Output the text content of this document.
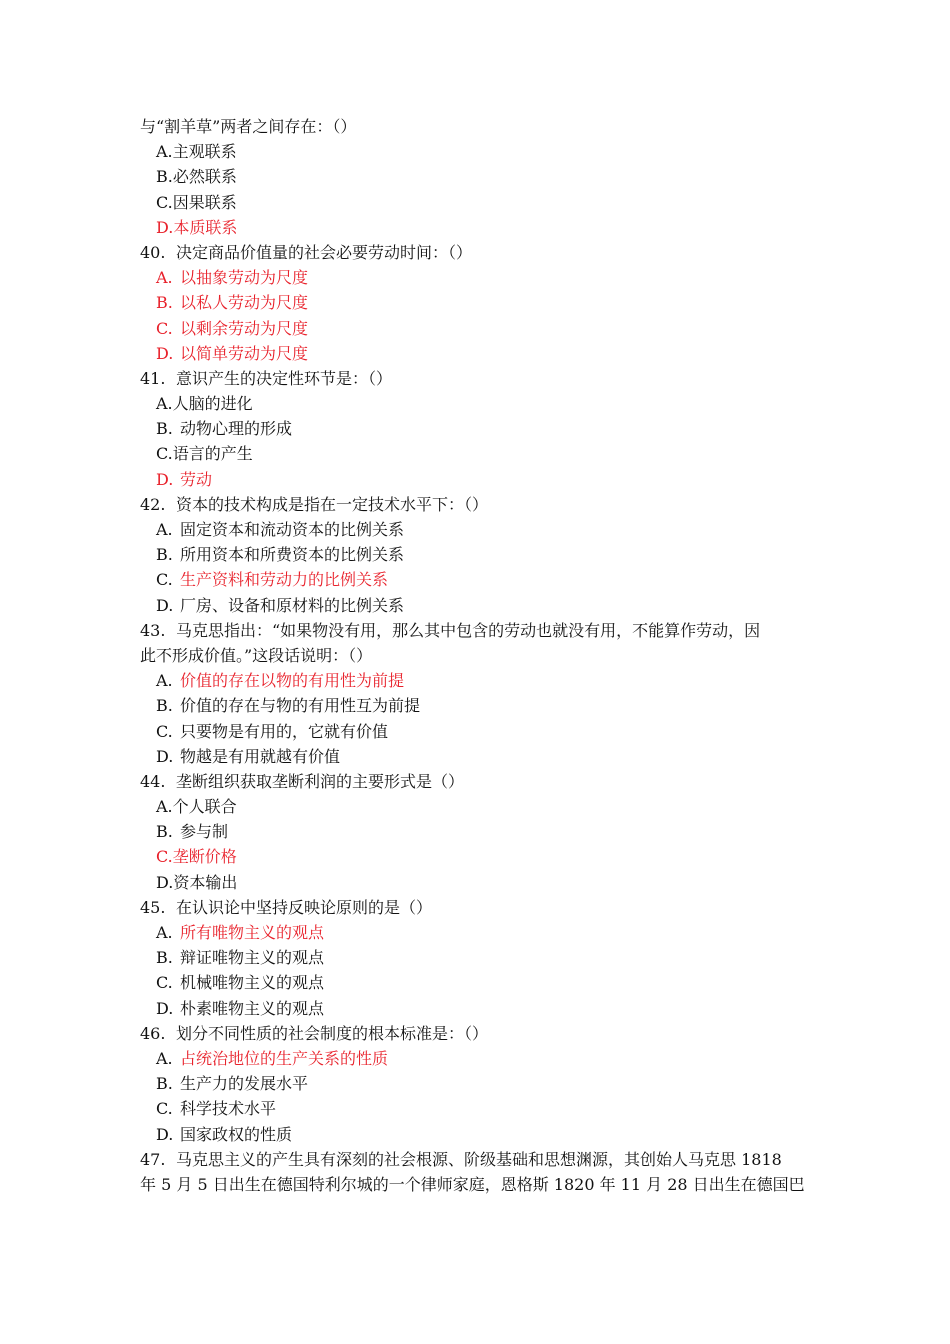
与“割羊草”两者之间存在：（）
A.主观联系
B.必然联系
C.因果联系
D.本质联系
40. 决定商品价值量的社会必要劳动时间：（）
A. 以抽象劳动为尺度
B. 以私人劳动为尺度
C. 以剩余劳动为尺度
D. 以简单劳动为尺度
41. 意识产生的决定性环节是：（）
A.人脑的进化
B. 动物心理的形成
C.语言的产生
D. 劳动
42. 资本的技术构成是指在一定技术水平下：（）
A. 固定资本和流动资本的比例关系
B. 所用资本和所费资本的比例关系
C. 生产资料和劳动力的比例关系
D. 厂房、设备和原材料的比例关系
43. 马克思指出：“如果物没有用，那么其中包含的劳动也就没有用，不能算作劳动，因
此不形成价值。”这段话说明：（）
A. 价值的存在以物的有用性为前提
B. 价值的存在与物的有用性互为前提
C. 只要物是有用的，它就有价值
D. 物越是有用就越有价值
44. 垄断组织获取垄断利润的主要形式是（）
A.个人联合
B. 参与制
C.垄断价格
D.资本输出
45. 在认识论中坚持反映论原则的是（）
A. 所有唯物主义的观点
B. 辩证唯物主义的观点
C. 机械唯物主义的观点
D. 朴素唯物主义的观点
46. 划分不同性质的社会制度的根本标准是：（）
A. 占统治地位的生产关系的性质
B. 生产力的发展水平
C. 科学技术水平
D. 国家政权的性质
47. 马克思主义的产生具有深刻的社会根源、阶级基础和思想渊源，其创始人马克思 1818
年 5 月 5 日出生在德国特利尔城的一个律师家庭，恩格斯 1820 年 11 月 28 日出生在德国巴
